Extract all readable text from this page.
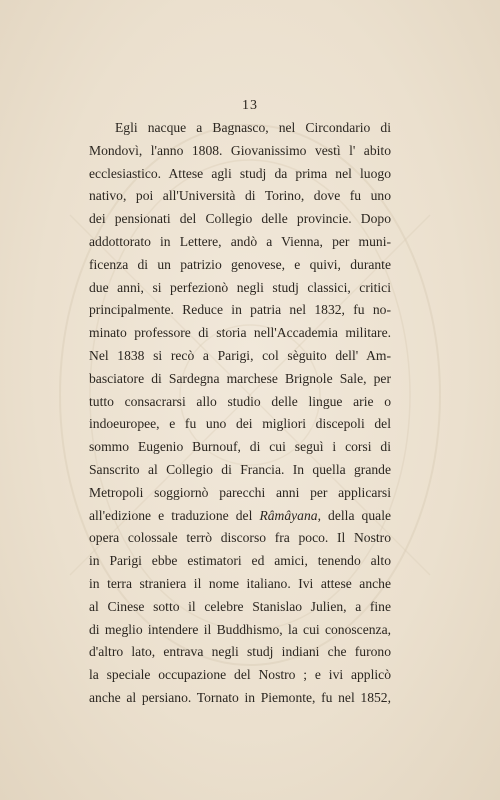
13
Egli nacque a Bagnasco, nel Circondario di
Mondovì, l'anno 1808. Giovanissimo vestì l' abito
ecclesiastico. Attese agli studj da prima nel luogo
nativo, poi all'Università di Torino, dove fu uno
dei pensionati del Collegio delle provincie. Dopo
addottorato in Lettere, andò a Vienna, per muni-
ficenza di un patrizio genovese, e quivi, durante
due anni, si perfezionò negli studj classici, critici
principalmente. Reduce in patria nel 1832, fu no-
minato professore di storia nell'Accademia militare.
Nel 1838 si recò a Parigi, col sèguito dell' Am-
basciatore di Sardegna marchese Brignole Sale, per
tutto consacrarsi allo studio delle lingue arie o
indoeuropee, e fu uno dei migliori discepoli del
sommo Eugenio Burnouf, di cui seguì i corsi di
Sanscrito al Collegio di Francia. In quella grande
Metropoli soggiornò parecchi anni per applicarsi
all'edizione e traduzione del Râmâyana, della quale
opera colossale terrò discorso fra poco. Il Nostro
in Parigi ebbe estimatori ed amici, tenendo alto
in terra straniera il nome italiano. Ivi attese anche
al Cinese sotto il celebre Stanislao Julien, a fine
di meglio intendere il Buddhismo, la cui conoscenza,
d'altro lato, entrava negli studj indiani che furono
la speciale occupazione del Nostro ; e ivi applicò
anche al persiano. Tornato in Piemonte, fu nel 1852,
